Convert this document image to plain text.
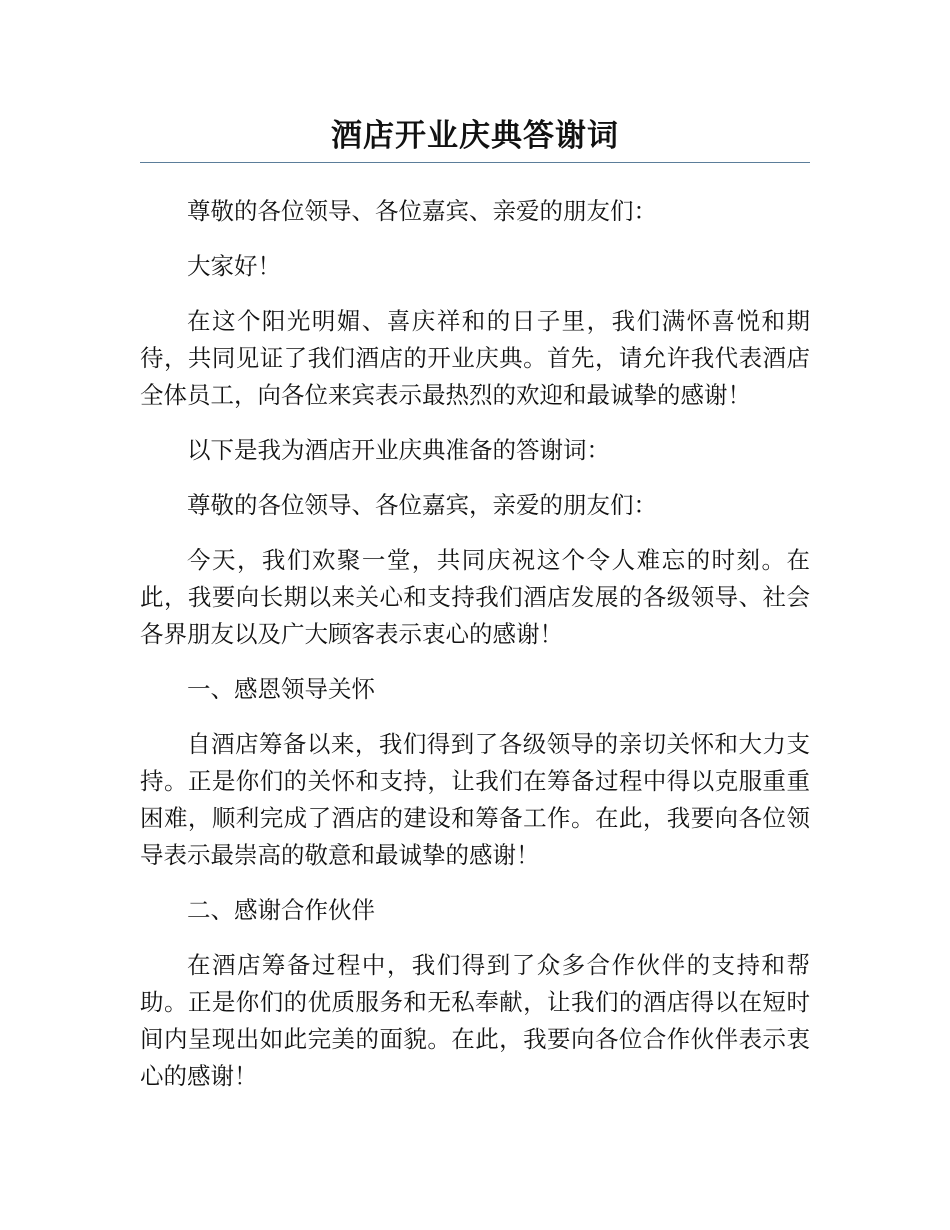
酒店开业庆典答谢词

尊敬的各位领导、各位嘉宾、亲爱的朋友们：

大家好！

在这个阳光明媚、喜庆祥和的日子里，我们满怀喜悦和期待，共同见证了我们酒店的开业庆典。首先，请允许我代表酒店全体员工，向各位来宾表示最热烈的欢迎和最诚挚的感谢！

以下是我为酒店开业庆典准备的答谢词：

尊敬的各位领导、各位嘉宾，亲爱的朋友们：

今天，我们欢聚一堂，共同庆祝这个令人难忘的时刻。在此，我要向长期以来关心和支持我们酒店发展的各级领导、社会各界朋友以及广大顾客表示衷心的感谢！

一、感恩领导关怀

自酒店筹备以来，我们得到了各级领导的亲切关怀和大力支持。正是你们的关怀和支持，让我们在筹备过程中得以克服重重困难，顺利完成了酒店的建设和筹备工作。在此，我要向各位领导表示最崇高的敬意和最诚挚的感谢！

二、感谢合作伙伴

在酒店筹备过程中，我们得到了众多合作伙伴的支持和帮助。正是你们的优质服务和无私奉献，让我们的酒店得以在短时间内呈现出如此完美的面貌。在此，我要向各位合作伙伴表示衷心的感谢！
